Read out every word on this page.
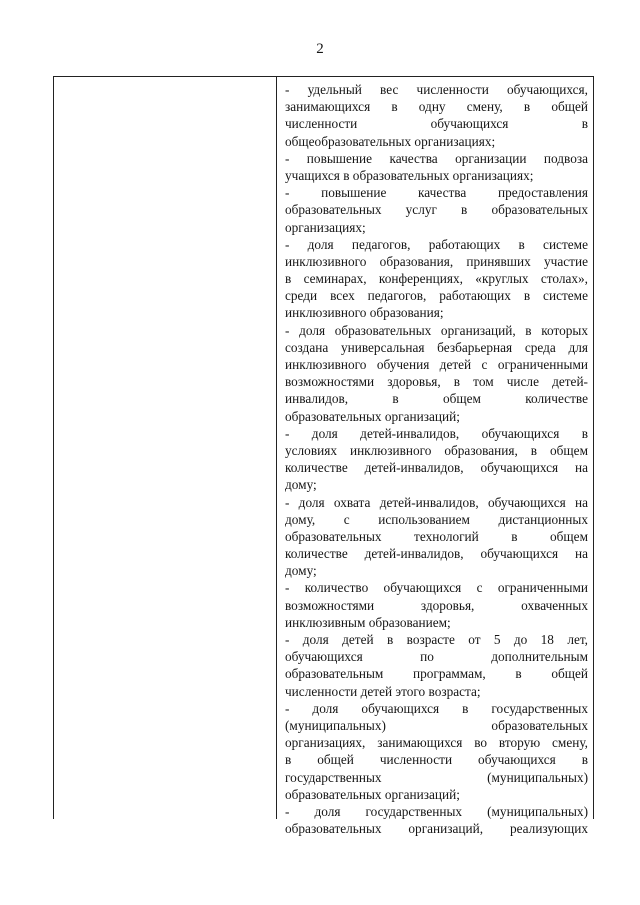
2
- удельный вес численности обучающихся,
занимающихся в одну смену, в общей
численности обучающихся в
общеобразовательных организациях;
- повышение качества организации подвоза
учащихся в образовательных организациях;
- повышение качества предоставления
образовательных услуг в образовательных
организациях;
- доля педагогов, работающих в системе
инклюзивного образования, принявших участие
в семинарах, конференциях, «круглых столах»,
среди всех педагогов, работающих в системе
инклюзивного образования;
- доля образовательных организаций, в которых
создана универсальная безбарьерная среда для
инклюзивного обучения детей с ограниченными
возможностями здоровья, в том числе детей-
инвалидов, в общем количестве
образовательных организаций;
- доля детей-инвалидов, обучающихся в
условиях инклюзивного образования, в общем
количестве детей-инвалидов, обучающихся на
дому;
- доля охвата детей-инвалидов, обучающихся на
дому, с использованием дистанционных
образовательных технологий в общем
количестве детей-инвалидов, обучающихся на
дому;
- количество обучающихся с ограниченными
возможностями здоровья, охваченных
инклюзивным образованием;
- доля детей в возрасте от 5 до 18 лет,
обучающихся по дополнительным
образовательным программам, в общей
численности детей этого возраста;
- доля обучающихся в государственных
(муниципальных) образовательных
организациях, занимающихся во вторую смену,
в общей численности обучающихся в
государственных (муниципальных)
образовательных организаций;
- доля государственных (муниципальных)
образовательных организаций, реализующих
